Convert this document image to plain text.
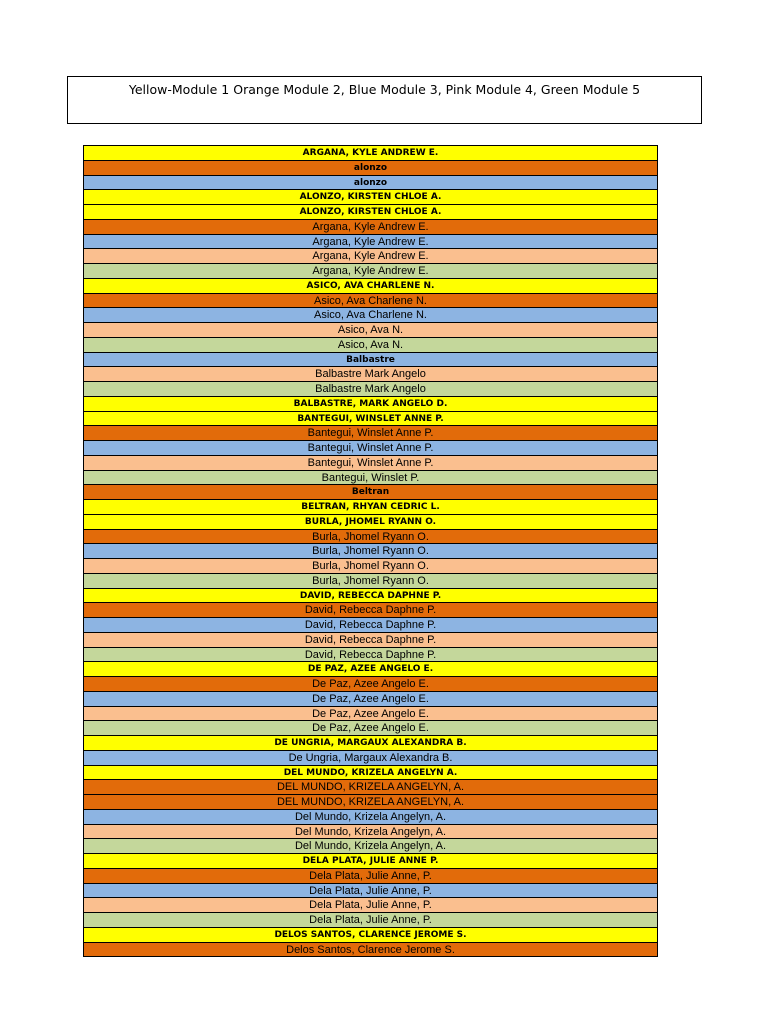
Yellow-Module 1 Orange Module 2, Blue Module 3, Pink Module 4, Green Module 5
ARGANA, KYLE ANDREW E.
alonzo
alonzo
ALONZO, KIRSTEN CHLOE A.
ALONZO, KIRSTEN CHLOE A.
Argana, Kyle Andrew E.
Argana, Kyle Andrew E.
Argana, Kyle Andrew E.
Argana, Kyle Andrew E.
ASICO, AVA CHARLENE N.
Asico, Ava Charlene N.
Asico, Ava Charlene N.
Asico, Ava N.
Asico, Ava N.
Balbastre
Balbastre Mark Angelo
Balbastre Mark Angelo
BALBASTRE, MARK ANGELO D.
BANTEGUI, WINSLET ANNE P.
Bantegui, Winslet Anne P.
Bantegui, Winslet Anne P.
Bantegui, Winslet Anne P.
Bantegui, Winslet P.
Beltran
BELTRAN, RHYAN CEDRIC L.
BURLA, JHOMEL RYANN O.
Burla, Jhomel Ryann O.
Burla, Jhomel Ryann O.
Burla, Jhomel Ryann O.
Burla, Jhomel Ryann O.
DAVID, REBECCA DAPHNE P.
David, Rebecca Daphne P.
David, Rebecca Daphne P.
David, Rebecca Daphne P.
David, Rebecca Daphne P.
DE PAZ, AZEE ANGELO E.
De Paz, Azee Angelo E.
De Paz, Azee Angelo E.
De Paz, Azee Angelo E.
De Paz, Azee Angelo E.
DE UNGRIA, MARGAUX ALEXANDRA B.
De Ungria, Margaux Alexandra B.
DEL MUNDO, KRIZELA ANGELYN A.
DEL MUNDO, KRIZELA ANGELYN, A.
DEL MUNDO, KRIZELA ANGELYN, A.
Del Mundo, Krizela Angelyn, A.
Del Mundo, Krizela Angelyn, A.
Del Mundo, Krizela Angelyn, A.
DELA PLATA, JULIE ANNE P.
Dela Plata, Julie Anne, P.
Dela Plata, Julie Anne, P.
Dela Plata, Julie Anne, P.
Dela Plata, Julie Anne, P.
DELOS SANTOS, CLARENCE JEROME S.
Delos Santos, Clarence Jerome S.
